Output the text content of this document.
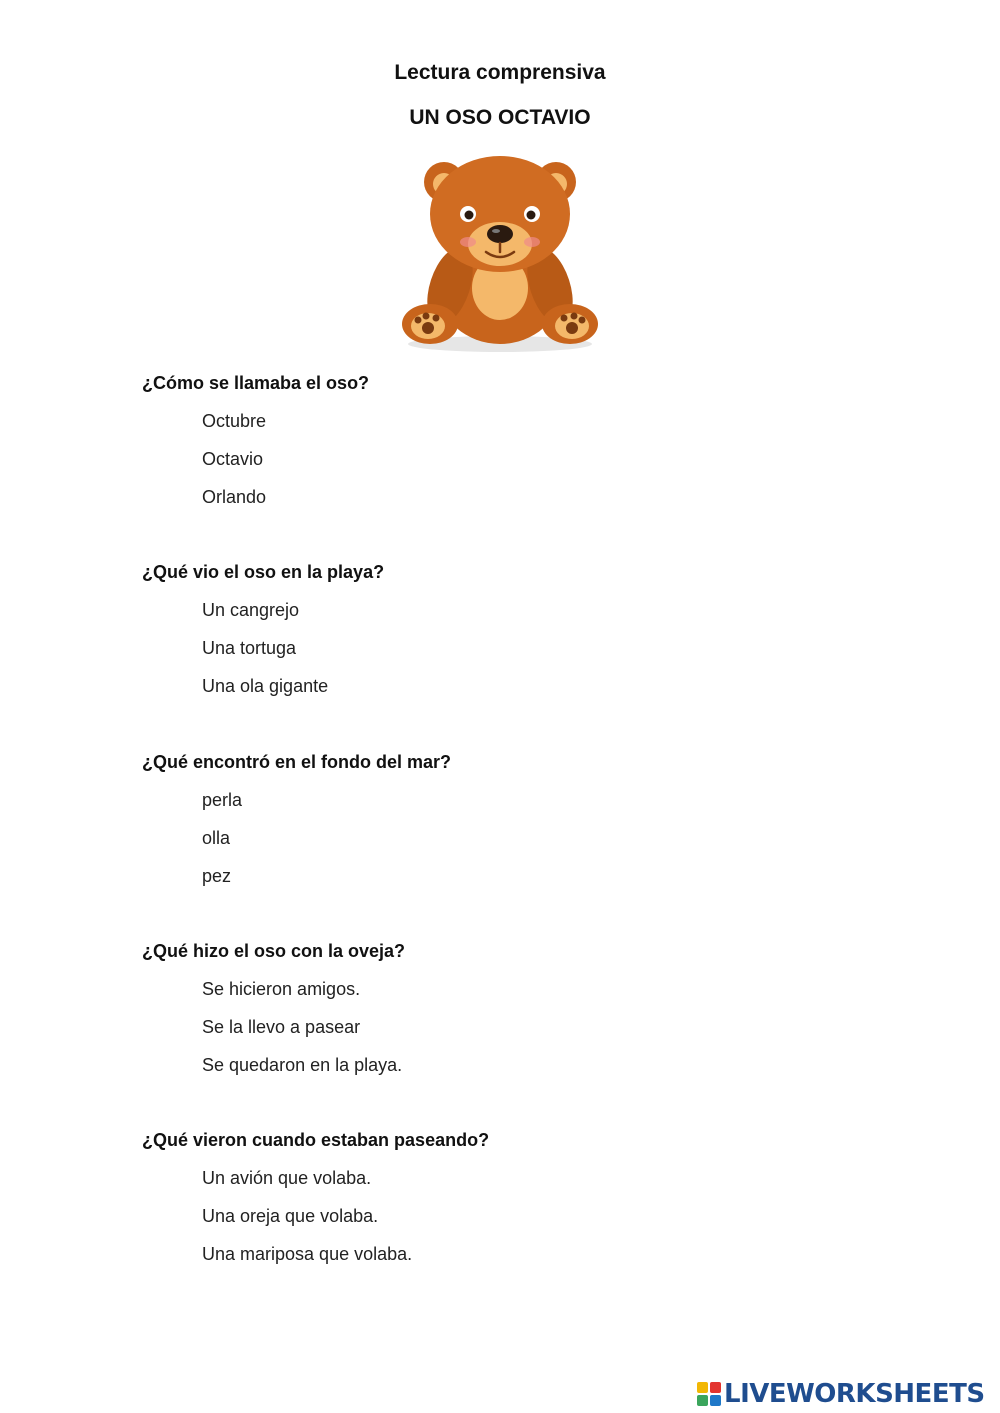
Lectura comprensiva
UN OSO OCTAVIO
¿Cómo se llamaba el oso?
Octubre
Octavio
Orlando
¿Qué vio el oso en la playa?
Un cangrejo
Una tortuga
Una ola gigante
¿Qué encontró en el fondo del mar?
perla
olla
pez
¿Qué hizo el oso con la oveja?
Se hicieron amigos.
Se la llevo a pasear
Se quedaron en la playa.
¿Qué vieron cuando estaban paseando?
Un avión que volaba.
Una oreja que volaba.
Una mariposa que volaba.
LIVEWORKSHEETS
